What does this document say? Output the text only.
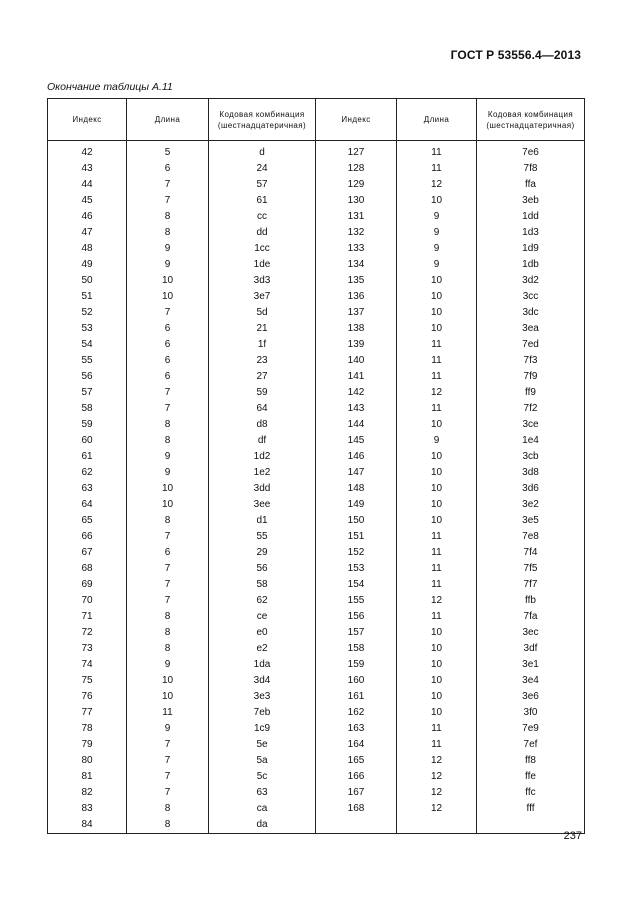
ГОСТ Р 53556.4—2013
Окончание таблицы А.11
Индекс	Длина	Кодовая комбинация (шестнадцатеричная)	Индекс	Длина	Кодовая комбинация (шестнадцатеричная)

42	5	d	127	11	7e6
43	6	24	128	11	7f8
44	7	57	129	12	ffa
45	7	61	130	10	3eb
46	8	cc	131	9	1dd
47	8	dd	132	9	1d3
48	9	1cc	133	9	1d9
49	9	1de	134	9	1db
50	10	3d3	135	10	3d2
51	10	3e7	136	10	3cc
52	7	5d	137	10	3dc
53	6	21	138	10	3ea
54	6	1f	139	11	7ed
55	6	23	140	11	7f3
56	6	27	141	11	7f9
57	7	59	142	12	ff9
58	7	64	143	11	7f2
59	8	d8	144	10	3ce
60	8	df	145	9	1e4
61	9	1d2	146	10	3cb
62	9	1e2	147	10	3d8
63	10	3dd	148	10	3d6
64	10	3ee	149	10	3e2
65	8	d1	150	10	3e5
66	7	55	151	11	7e8
67	6	29	152	11	7f4
68	7	56	153	11	7f5
69	7	58	154	11	7f7
70	7	62	155	12	ffb
71	8	ce	156	11	7fa
72	8	e0	157	10	3ec
73	8	e2	158	10	3df
74	9	1da	159	10	3e1
75	10	3d4	160	10	3e4
76	10	3e3	161	10	3e6
77	11	7eb	162	10	3f0
78	9	1c9	163	11	7e9
79	7	5e	164	11	7ef
80	7	5a	165	12	ff8
81	7	5c	166	12	ffe
82	7	63	167	12	ffc
83	8	ca	168	12	fff
84	8	da			
237
